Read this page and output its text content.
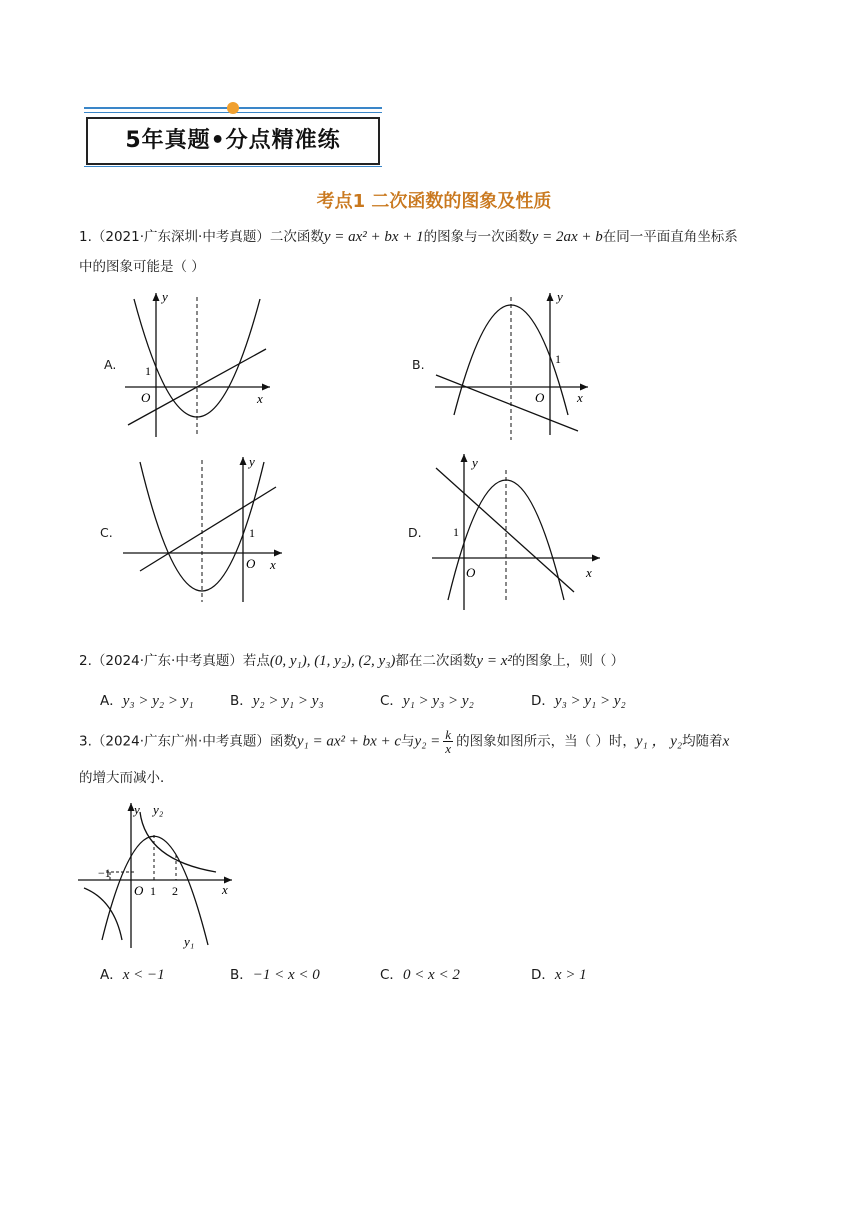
5年真题•分点精准练
考点1 二次函数的图象及性质
1.（2021·广东深圳·中考真题）二次函数y = ax² + bx + 1的图象与一次函数y = 2ax + b在同一平面直角坐标系
中的图象可能是（ ）
A.
y
x
O
1	B.
y
x
O
1
C.
y
x
O
1	D.
y
x
O
1
2.（2024·广东·中考真题）若点(0, y₁), (1, y₂), (2, y₃)都在二次函数y = x²的图象上，则（ ）
A．y₃ > y₂ > y₁	B．y₂ > y₁ > y₃	C．y₁ > y₃ > y₂	D．y₃ > y₁ > y₂
3.（2024·广东广州·中考真题）函数y₁ = ax² + bx + c与$y_2 = \frac{k}{x}$ 的图象如图所示，当（ ）时，y₁ ， y₂均随着x
的增大而减小．
y y₂
x
O
−1
1 2
y₁
A．x < −1	B．−1 < x < 0	C．0 < x < 2	D．x > 1
